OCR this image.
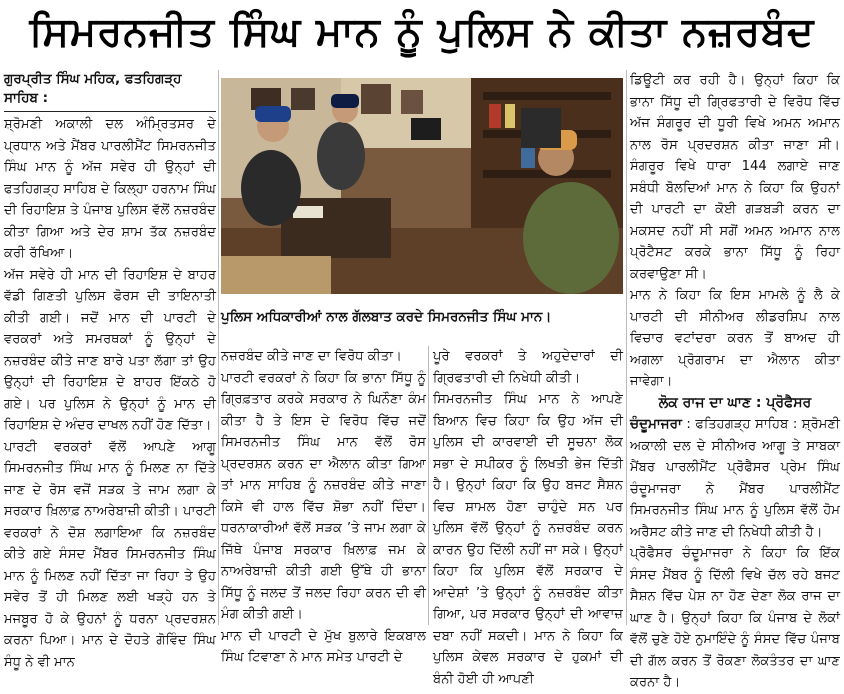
ਸਿਮਰਨਜੀਤ ਸਿੰਘ ਮਾਨ ਨੂੰ ਪੁਲਿਸ ਨੇ ਕੀਤਾ ਨਜ਼ਰਬੰਦ
ਗੁਰਪ੍ਰੀਤ ਸਿੰਘ ਮਹਿਕ, ਫਤਹਿਗੜ੍ਹ ਸਾਹਿਬ :

ਸ਼੍ਰੋਮਣੀ ਅਕਾਲੀ ਦਲ ਅੰਮ੍ਰਿਤਸਰ ਦੇ ਪ੍ਰਧਾਨ ਅਤੇ ਮੈਂਬਰ ਪਾਰਲੀਮੈਂਟ ਸਿਮਰਨਜੀਤ ਸਿੰਘ ਮਾਨ ਨੂੰ ਅੱਜ ਸਵੇਰ ਹੀ ਉਨ੍ਹਾਂ ਦੀ ਫਤਹਿਗੜ੍ਹ ਸਾਹਿਬ ਦੇ ਕਿਲ੍ਹਾ ਹਰਨਾਮ ਸਿੰਘ ਦੀ ਰਿਹਾਇਸ਼ ਤੇ ਪੰਜਾਬ ਪੁਲਿਸ ਵੱਲੋਂ ਨਜ਼ਰਬੰਦ ਕੀਤਾ ਗਿਆ ਅਤੇ ਦੇਰ ਸ਼ਾਮ ਤੱਕ ਨਜ਼ਰਬੰਦ ਕਰੀ ਰੱਖਿਆ।

ਅੱਜ ਸਵੇਰੇ ਹੀ ਮਾਨ ਦੀ ਰਿਹਾਇਸ਼ ਦੇ ਬਾਹਰ ਵੱਡੀ ਗਿਣਤੀ ਪੁਲਿਸ ਫੋਰਸ ਦੀ ਤਾਇਨਾਤੀ ਕੀਤੀ ਗਈ। ਜਦੋਂ ਮਾਨ ਦੀ ਪਾਰਟੀ ਦੇ ਵਰਕਰਾਂ ਅਤੇ ਸਮਰਥਕਾਂ ਨੂੰ ਉਨ੍ਹਾਂ ਦੇ ਨਜ਼ਰਬੰਦ ਕੀਤੇ ਜਾਣ ਬਾਰੇ ਪਤਾ ਲੱਗਾ ਤਾਂ ਉਹ ਉਨ੍ਹਾਂ ਦੀ ਰਿਹਾਇਸ਼ ਦੇ ਬਾਹਰ ਇੱਕਠੇ ਹੋ ਗਏ। ਪਰ ਪੁਲਿਸ ਨੇ ਉਨ੍ਹਾਂ ਨੂੰ ਮਾਨ ਦੀ ਰਿਹਾਇਸ਼ ਦੇ ਅੰਦਰ ਦਾਖਲ ਨਹੀਂ ਹੋਣ ਦਿੱਤਾ।

ਪਾਰਟੀ ਵਰਕਰਾਂ ਵੱਲੋਂ ਆਪਣੇ ਆਗੂ ਸਿਮਰਨਜੀਤ ਸਿੰਘ ਮਾਨ ਨੂੰ ਮਿਲਣ ਨਾ ਦਿੱਤੇ ਜਾਣ ਦੇ ਰੋਸ ਵਜੋਂ ਸੜਕ ਤੇ ਜਾਮ ਲਗਾ ਕੇ ਸਰਕਾਰ ਖ਼ਿਲਾਫ਼ ਨਾਅਰੇਬਾਜ਼ੀ ਕੀਤੀ। ਪਾਰਟੀ ਵਰਕਰਾਂ ਨੇ ਦੋਸ਼ ਲਗਾਇਆ ਕਿ ਨਜ਼ਰਬੰਦ ਕੀਤੇ ਗਏ ਸੰਸਦ ਮੈਂਬਰ ਸਿਮਰਨਜੀਤ ਸਿੰਘ ਮਾਨ ਨੂੰ ਮਿਲਣ ਨਹੀਂ ਦਿੱਤਾ ਜਾ ਰਿਹਾ ਤੇ ਉਹ ਸਵੇਰ ਤੋਂ ਹੀ ਮਿਲਣ ਲਈ ਖੜ੍ਹੇ ਹਨ ਤੇ ਮਜਬੂਰ ਹੋ ਕੇ ਉਹਨਾਂ ਨੂੰ ਧਰਨਾ ਪ੍ਰਦਰਸ਼ਨ ਕਰਨਾ ਪਿਆ। ਮਾਨ ਦੇ ਦੋਹਤੇ ਗੋਵਿੰਦ ਸਿੰਘ ਸੰਧੂ ਨੇ ਵੀ ਮਾਨ

ਪੁਲਿਸ ਅਧਿਕਾਰੀਆਂ ਨਾਲ ਗੱਲਬਾਤ ਕਰਦੇ ਸਿਮਰਨਜੀਤ ਸਿੰਘ ਮਾਨ।

ਨਜ਼ਰਬੰਦ ਕੀਤੇ ਜਾਣ ਦਾ ਵਿਰੋਧ ਕੀਤਾ।

ਪਾਰਟੀ ਵਰਕਰਾਂ ਨੇ ਕਿਹਾ ਕਿ ਭਾਨਾ ਸਿੱਧੂ ਨੂੰ ਗ੍ਰਿਫ਼ਤਾਰ ਕਰਕੇ ਸਰਕਾਰ ਨੇ ਘਿਨੌਣਾ ਕੰਮ ਕੀਤਾ ਹੈ ਤੇ ਇਸ ਦੇ ਵਿਰੋਧ ਵਿੱਚ ਜਦੋਂ ਸਿਮਰਨਜੀਤ ਸਿੰਘ ਮਾਨ ਵੱਲੋਂ ਰੋਸ ਪ੍ਰਦਰਸ਼ਨ ਕਰਨ ਦਾ ਐਲਾਨ ਕੀਤਾ ਗਿਆ ਤਾਂ ਮਾਨ ਸਾਹਿਬ ਨੂੰ ਨਜ਼ਰਬੰਦ ਕੀਤੇ ਜਾਣਾ ਕਿਸੇ ਵੀ ਹਾਲ ਵਿੱਚ ਸ਼ੋਭਾ ਨਹੀਂ ਦਿੰਦਾ। ਧਰਨਾਕਾਰੀਆਂ ਵੱਲੋਂ ਸੜਕ ’ਤੇ ਜਾਮ ਲਗਾ ਕੇ ਜਿੱਥੇ ਪੰਜਾਬ ਸਰਕਾਰ ਖ਼ਿਲਾਫ਼ ਜਮ ਕੇ ਨਾਅਰੇਬਾਜ਼ੀ ਕੀਤੀ ਗਈ ਉੱਥੇ ਹੀ ਭਾਨਾ ਸਿੱਧੂ ਨੂੰ ਜਲਦ ਤੋਂ ਜਲਦ ਰਿਹਾ ਕਰਨ ਦੀ ਵੀ ਮੰਗ ਕੀਤੀ ਗਈ।

ਮਾਨ ਦੀ ਪਾਰਟੀ ਦੇ ਮੁੱਖ ਬੁਲਾਰੇ ਇਕਬਾਲ ਸਿੰਘ ਟਿਵਾਣਾ ਨੇ ਮਾਨ ਸਮੇਤ ਪਾਰਟੀ ਦੇ

ਪੂਰੇ ਵਰਕਰਾਂ ਤੇ ਅਹੁਦੇਦਾਰਾਂ ਦੀ ਗ੍ਰਿਫਤਾਰੀ ਦੀ ਨਿਖੇਧੀ ਕੀਤੀ।

ਸਿਮਰਨਜੀਤ ਸਿੰਘ ਮਾਨ ਨੇ ਆਪਣੇ ਬਿਆਨ ਵਿਚ ਕਿਹਾ ਕਿ ਉਹ ਅੱਜ ਦੀ ਪੁਲਿਸ ਦੀ ਕਾਰਵਾਈ ਦੀ ਸੂਚਨਾ ਲੋਕ ਸਭਾ ਦੇ ਸਪੀਕਰ ਨੂੰ ਲਿਖਤੀ ਭੇਜ ਦਿੱਤੀ ਹੈ। ਉਨ੍ਹਾਂ ਕਿਹਾ ਕਿ ਉਹ ਬਜਟ ਸੈਸ਼ਨ ਵਿਚ ਸ਼ਾਮਲ ਹੋਣਾ ਚਾਹੁੰਦੇ ਸਨ ਪਰ ਪੁਲਿਸ ਵੱਲੋਂ ਉਨ੍ਹਾਂ ਨੂੰ ਨਜ਼ਰਬੰਦ ਕਰਨ ਕਾਰਨ ਉਹ ਦਿੱਲੀ ਨਹੀਂ ਜਾ ਸਕੇ। ਉਨ੍ਹਾਂ ਕਿਹਾ ਕਿ ਪੁਲਿਸ ਵੱਲੋਂ ਸਰਕਾਰ ਦੇ ਆਦੇਸ਼ਾਂ ’ਤੇ ਉਨ੍ਹਾਂ ਨੂੰ ਨਜ਼ਰਬੰਦ ਕੀਤਾ ਗਿਆ, ਪਰ ਸਰਕਾਰ ਉਨ੍ਹਾਂ ਦੀ ਆਵਾਜ਼ ਦਬਾ ਨਹੀਂ ਸਕਦੀ। ਮਾਨ ਨੇ ਕਿਹਾ ਕਿ ਪੁਲਿਸ ਕੇਵਲ ਸਰਕਾਰ ਦੇ ਹੁਕਮਾਂ ਦੀ ਬੰਨੀ ਹੋਈ ਹੀ ਆਪਣੀ

ਡਿਊਟੀ ਕਰ ਰਹੀ ਹੈ। ਉਨ੍ਹਾਂ ਕਿਹਾ ਕਿ ਭਾਨਾ ਸਿੱਧੂ ਦੀ ਗ੍ਰਿਫਤਾਰੀ ਦੇ ਵਿਰੋਧ ਵਿੱਚ ਅੱਜ ਸੰਗਰੂਰ ਦੀ ਧੂਰੀ ਵਿਖੇ ਅਮਨ ਅਮਾਨ ਨਾਲ ਰੋਸ ਪ੍ਰਦਰਸ਼ਨ ਕੀਤਾ ਜਾਣਾ ਸੀ। ਸੰਗਰੂਰ ਵਿਖੇ ਧਾਰਾ 144 ਲਗਾਏ ਜਾਣ ਸਬੰਧੀ ਬੋਲਦਿਆਂ ਮਾਨ ਨੇ ਕਿਹਾ ਕਿ ਉਹਨਾਂ ਦੀ ਪਾਰਟੀ ਦਾ ਕੋਈ ਗੜਬੜੀ ਕਰਨ ਦਾ ਮਕਸਦ ਨਹੀਂ ਸੀ ਸਗੋਂ ਅਮਨ ਅਮਾਨ ਨਾਲ ਪ੍ਰੋਟੈਸਟ ਕਰਕੇ ਭਾਨਾ ਸਿੱਧੂ ਨੂੰ ਰਿਹਾ ਕਰਵਾਉਣਾ ਸੀ।

ਮਾਨ ਨੇ ਕਿਹਾ ਕਿ ਇਸ ਮਾਮਲੇ ਨੂੰ ਲੈ ਕੇ ਪਾਰਟੀ ਦੀ ਸੀਨੀਅਰ ਲੀਡਰਸ਼ਿਪ ਨਾਲ ਵਿਚਾਰ ਵਟਾਂਦਰਾ ਕਰਨ ਤੋਂ ਬਾਅਦ ਹੀ ਅਗਲਾ ਪ੍ਰੋਗਰਾਮ ਦਾ ਐਲਾਨ ਕੀਤਾ ਜਾਵੇਗਾ।

ਲੋਕ ਰਾਜ ਦਾ ਘਾਣ : ਪ੍ਰੋਫੈਸਰ

ਚੰਦੂਮਾਜਰਾ : ਫਤਿਹਗੜ੍ਹ ਸਾਹਿਬ : ਸ਼੍ਰੋਮਣੀ ਅਕਾਲੀ ਦਲ ਦੇ ਸੀਨੀਅਰ ਆਗੂ ਤੇ ਸਾਬਕਾ ਮੈਂਬਰ ਪਾਰਲੀਮੈਂਟ ਪ੍ਰੋਫੈਸਰ ਪ੍ਰੇਮ ਸਿੰਘ ਚੰਦੂਮਾਜਰਾ ਨੇ ਮੈਂਬਰ ਪਾਰਲੀਮੈਂਟ ਸਿਮਰਨਜੀਤ ਸਿੰਘ ਮਾਨ ਨੂੰ ਪੁਲਿਸ ਵੱਲੋਂ ਹੋਮ ਅਰੈਸਟ ਕੀਤੇ ਜਾਣ ਦੀ ਨਿਖੇਧੀ ਕੀਤੀ ਹੈ।

ਪ੍ਰੋਫੈਸਰ ਚੰਦੂਮਾਜਰਾ ਨੇ ਕਿਹਾ ਕਿ ਇੱਕ ਸੰਸਦ ਮੈਂਬਰ ਨੂੰ ਦਿੱਲੀ ਵਿਖੇ ਚੱਲ ਰਹੇ ਬਜਟ ਸੈਸ਼ਨ ਵਿੱਚ ਪੇਸ਼ ਨਾ ਹੋਣ ਦੇਣਾ ਲੋਕ ਰਾਜ ਦਾ ਘਾਣ ਹੈ। ਉਨ੍ਹਾਂ ਕਿਹਾ ਕਿ ਪੰਜਾਬ ਦੇ ਲੋਕਾਂ ਵੱਲੋਂ ਚੁਣੇ ਹੋਏ ਨੁਮਾਇੰਦੇ ਨੂੰ ਸੰਸਦ ਵਿੱਚ ਪੰਜਾਬ ਦੀ ਗੱਲ ਕਰਨ ਤੋਂ ਰੋਕਣਾ ਲੋਕਤੰਤਰ ਦਾ ਘਾਣ ਕਰਨਾ ਹੈ।
